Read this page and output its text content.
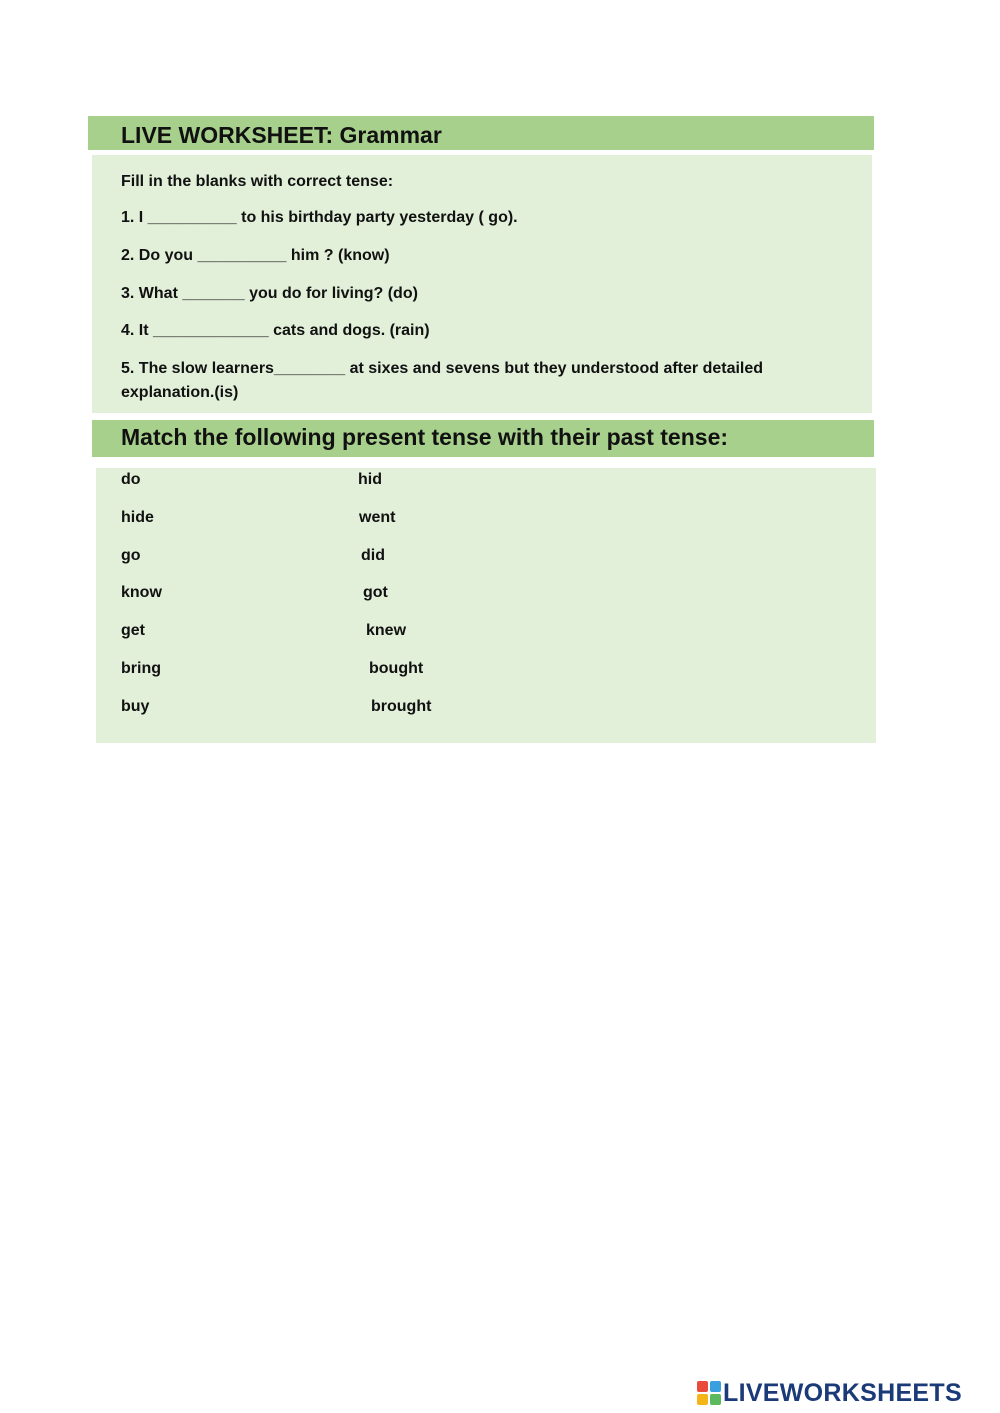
LIVE WORKSHEET: Grammar
Fill in the blanks with correct tense:
1. I __________ to his birthday party yesterday ( go).
2. Do you __________ him ? (know)
3. What _______ you do for living? (do)
4. It _____________ cats and dogs. (rain)
5. The slow learners________ at sixes and sevens but they understood after detailed
explanation.(is)
Match the following present tense with their past tense:
do
hide
go
know
get
bring
buy
hid
went
did
got
knew
bought
brought
LIVEWORKSHEETS
